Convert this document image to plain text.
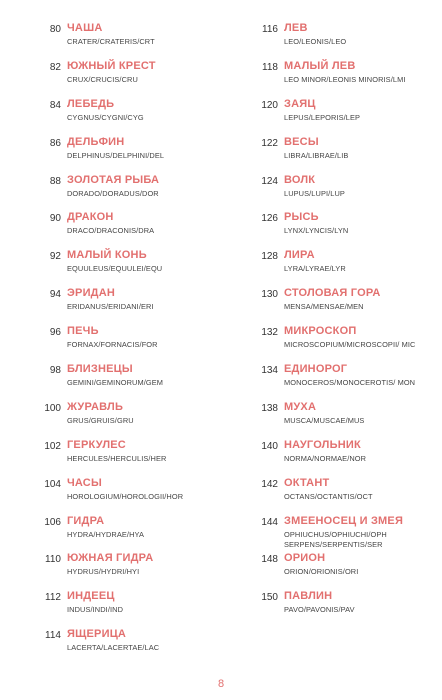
80 ЧАША
CRATER/CRATERIS/CRT
82 ЮЖНЫЙ КРЕСТ
CRUX/CRUCIS/CRU
84 ЛЕБЕДЬ
CYGNUS/CYGNI/CYG
86 ДЕЛЬФИН
DELPHINUS/DELPHINI/DEL
88 ЗОЛОТАЯ РЫБА
DORADO/DORADUS/DOR
90 ДРАКОН
DRACO/DRACONIS/DRA
92 МАЛЫЙ КОНЬ
EQUULEUS/EQUULEI/EQU
94 ЭРИДАН
ERIDANUS/ERIDANI/ERI
96 ПЕЧЬ
FORNAX/FORNACIS/FOR
98 БЛИЗНЕЦЫ
GEMINI/GEMINORUM/GEM
100 ЖУРАВЛЬ
GRUS/GRUIS/GRU
102 ГЕРКУЛЕС
HERCULES/HERCULIS/HER
104 ЧАСЫ
HOROLOGIUM/HOROLOGII/HOR
106 ГИДРА
HYDRA/HYDRAE/HYA
110 ЮЖНАЯ ГИДРА
HYDRUS/HYDRI/HYI
112 ИНДЕЕЦ
INDUS/INDI/IND
114 ЯЩЕРИЦА
LACERTA/LACERTAE/LAC
116 ЛЕВ
LEO/LEONIS/LEO
118 МАЛЫЙ ЛЕВ
LEO MINOR/LEONIS MINORIS/LMI
120 ЗАЯЦ
LEPUS/LEPORIS/LEP
122 ВЕСЫ
LIBRA/LIBRAE/LIB
124 ВОЛК
LUPUS/LUPI/LUP
126 РЫСЬ
LYNX/LYNCIS/LYN
128 ЛИРА
LYRA/LYRAE/LYR
130 СТОЛОВАЯ ГОРА
MENSA/MENSAE/MEN
132 МИКРОСКОП
MICROSCOPIUM/MICROSCOPII/ MIC
134 ЕДИНОРОГ
MONOCEROS/MONOCEROTIS/ MON
138 МУХА
MUSCA/MUSCAE/MUS
140 НАУГОЛЬНИК
NORMA/NORMAE/NOR
142 ОКТАНТ
OCTANS/OCTANTIS/OCT
144 ЗМЕЕНОСЕЦ И ЗМЕЯ
OPHIUCHUS/OPHIUCHI/OPH SERPENS/SERPENTIS/SER
148 ОРИОН
ORION/ORIONIS/ORI
150 ПАВЛИН
PAVO/PAVONIS/PAV
8
